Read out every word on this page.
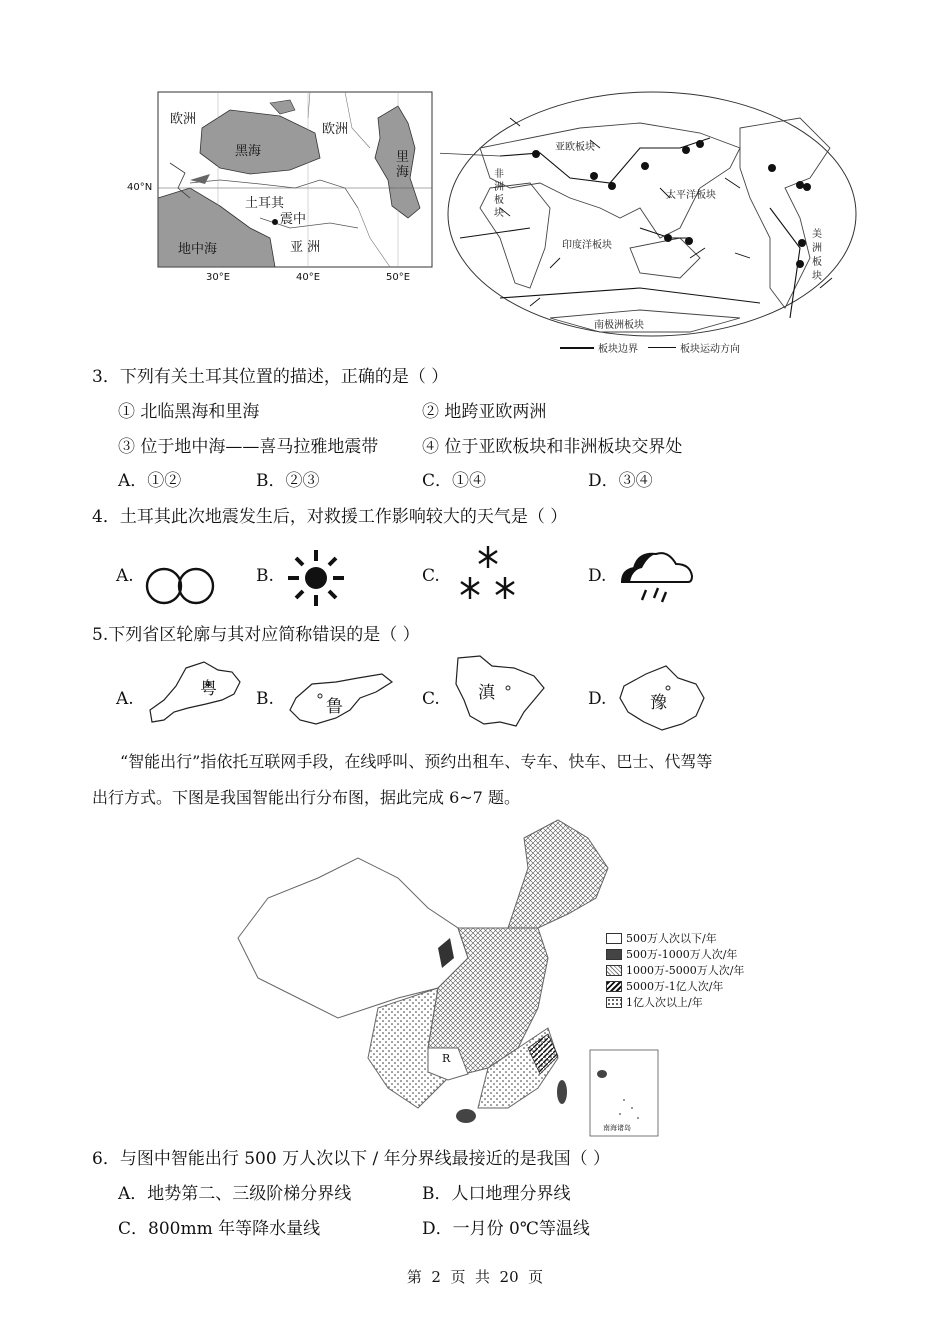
欧洲
欧洲
黑海	里海
土耳其
震中
地中海	亚 洲
40°N
30°E	40°E	50°E
亚欧板块
非洲板块
太平洋板块
印度洋板块
南极洲板块
美洲板块
板块边界	板块运动方向
3．下列有关土耳其位置的描述，正确的是（ ）
① 北临黑海和里海	② 地跨亚欧两洲
③ 位于地中海——喜马拉雅地震带	④ 位于亚欧板块和非洲板块交界处
A．①②	B．②③	C．①④	D．③④
4．土耳其此次地震发生后，对救援工作影响较大的天气是（ ）
A.	B.	C.	D.
5.下列省区轮廓与其对应简称错误的是（ ）
A.	粤 B.	鲁	C. 滇	D.	豫
“智能出行”指依托互联网手段，在线呼叫、预约出租车、专车、快车、巴士、代驾等
出行方式。下图是我国智能出行分布图，据此完成 6~7 题。
R
南海诸岛
500万人次以下/年
500万-1000万人次/年
1000万-5000万人次/年
5000万-1亿人次/年
1亿人次以上/年
6．与图中智能出行 500 万人次以下 / 年分界线最接近的是我国（ ）
A．地势第二、三级阶梯分界线	B．人口地理分界线
C．800mm 年等降水量线	D．一月份 0℃等温线
第  2  页  共  20  页
